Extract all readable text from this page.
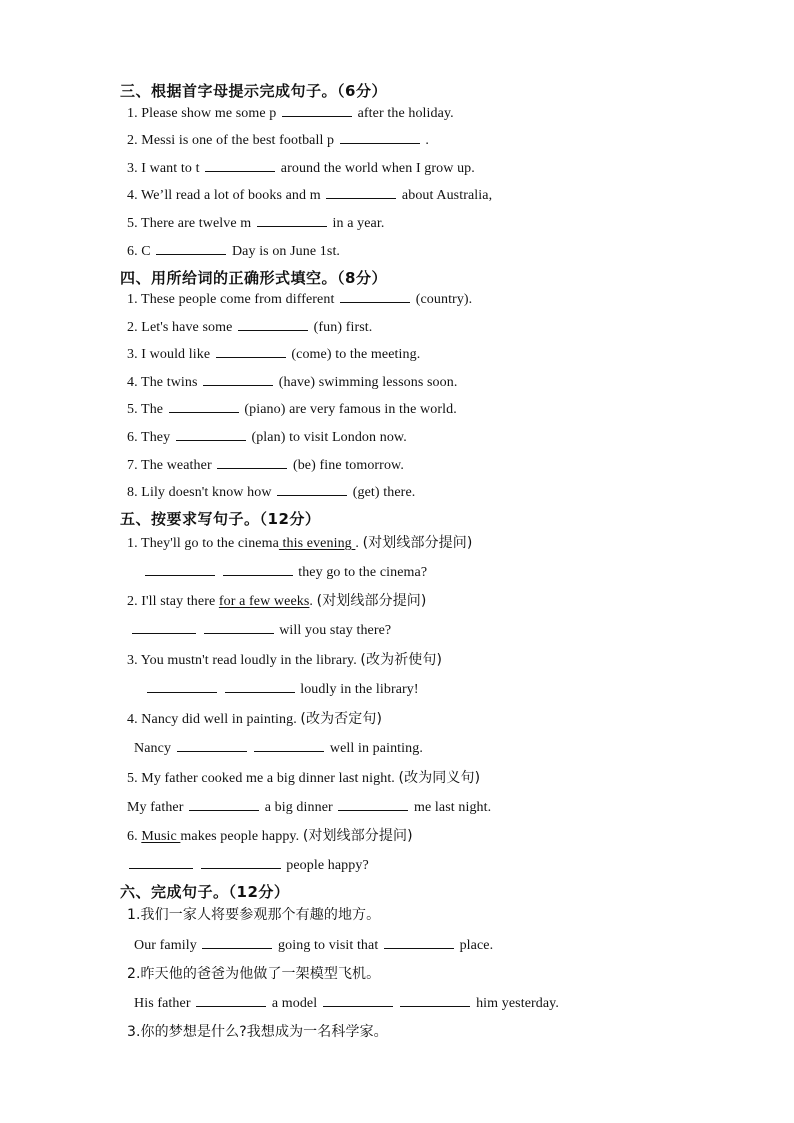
三、根据首字母提示完成句子。（6分）
1. Please show me some p	after the holiday.
2. Messi is one of the best football p	.
3. I want to t	around the world when I grow up.
4. We’ll read a lot of books and m	about Australia,
5. There are twelve m	in a year.
6. C	Day is on June 1st.
四、用所给词的正确形式填空。（8分）
1. These people come from different	(country).
2. Let's have some	(fun) first.
3. I would like	(come) to the meeting.
4. The twins	(have) swimming lessons soon.
5. The	(piano) are very famous in the world.
6. They	(plan) to visit London now.
7. The weather	(be) fine tomorrow.
8. Lily doesn't know how	(get) there.
五、按要求写句子。（12分）
1. They'll go to the cinema this evening . (对划线部分提问)
they go to the cinema?
2. I'll stay there for a few weeks. (对划线部分提问)
will you stay there?
3. You mustn't read loudly in the library. (改为祈使句)
loudly in the library!
4. Nancy did well in painting. (改为否定句)
Nancy	well in painting.
5. My father cooked me a big dinner last night. (改为同义句)
My father	a big dinner	me last night.
6. Music makes people happy. (对划线部分提问)
people happy?
六、完成句子。（12分）
1.我们一家人将要参观那个有趣的地方。
Our family	going to visit that	place.
2.昨天他的爸爸为他做了一架模型飞机。
His father	a model	him yesterday.
3.你的梦想是什么?我想成为一名科学家。
